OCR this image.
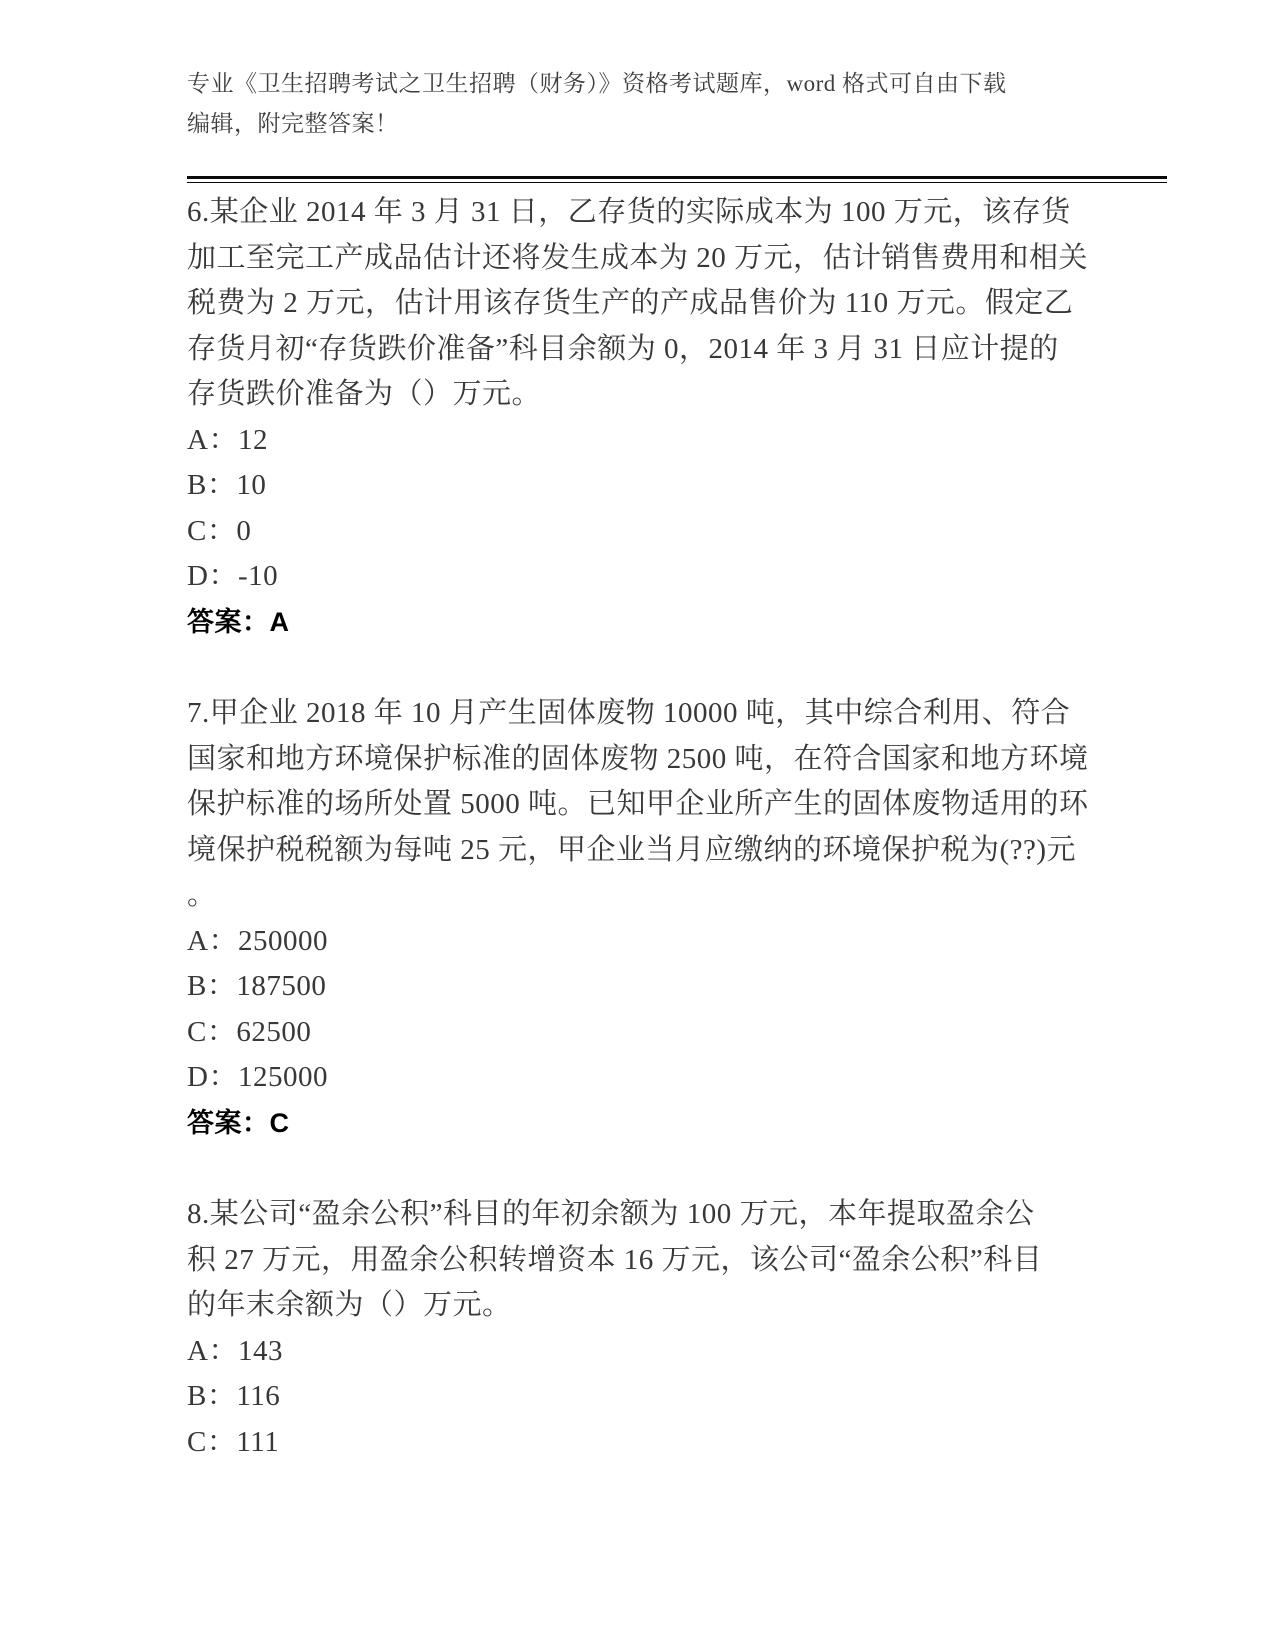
专业《卫生招聘考试之卫生招聘（财务）》资格考试题库，word 格式可自由下载
编辑，附完整答案！
6.某企业 2014 年 3 月 31 日，乙存货的实际成本为 100 万元，该存货
加工至完工产成品估计还将发生成本为 20 万元，估计销售费用和相关
税费为 2 万元，估计用该存货生产的产成品售价为 110 万元。假定乙
存货月初“存货跌价准备”科目余额为 0，2014 年 3 月 31 日应计提的
存货跌价准备为（）万元。
A：12
B：10
C：0
D：-10
答案：A
7.甲企业 2018 年 10 月产生固体废物 10000 吨，其中综合利用、符合
国家和地方环境保护标准的固体废物 2500 吨，在符合国家和地方环境
保护标准的场所处置 5000 吨。已知甲企业所产生的固体废物适用的环
境保护税税额为每吨 25 元，甲企业当月应缴纳的环境保护税为(??)元
。
A：250000
B：187500
C：62500
D：125000
答案：C
8.某公司“盈余公积”科目的年初余额为 100 万元，本年提取盈余公
积 27 万元，用盈余公积转增资本 16 万元，该公司“盈余公积”科目
的年末余额为（）万元。
A：143
B：116
C：111
